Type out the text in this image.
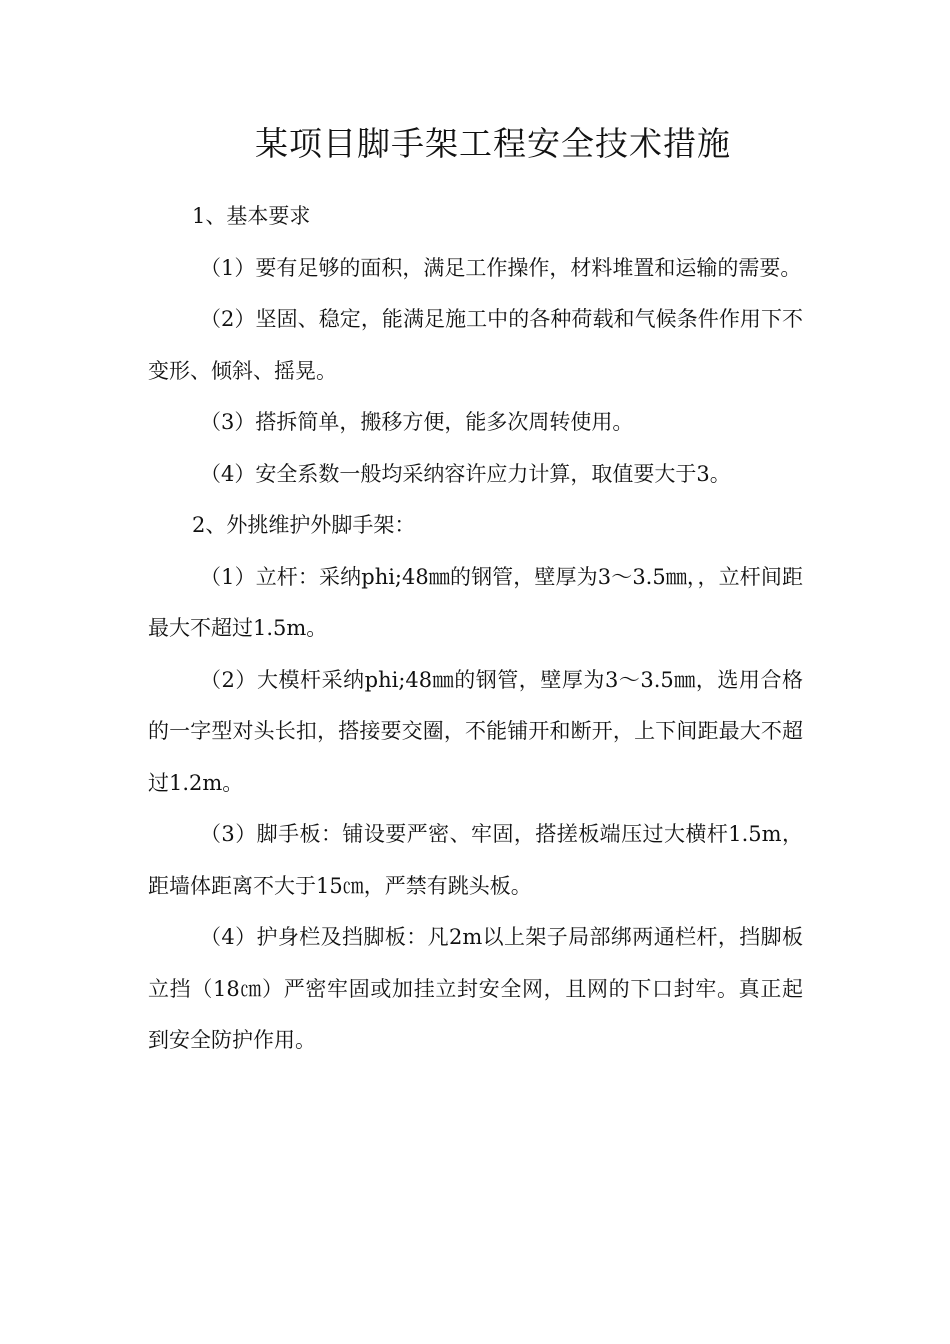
某项目脚手架工程安全技术措施

1、基本要求

（1）要有足够的面积，满足工作操作，材料堆置和运输的需要。

（2）坚固、稳定，能满足施工中的各种荷载和气候条件作用下不变形、倾斜、摇晃。

（3）搭拆简单，搬移方便，能多次周转使用。

（4）安全系数一般均采纳容许应力计算，取值要大于3。

2、外挑维护外脚手架：

（1）立杆：采纳phi;48㎜的钢管，壁厚为3～3.5㎜，，立杆间距最大不超过1.5m。

（2）大模杆采纳phi;48㎜的钢管，壁厚为3～3.5㎜，选用合格的一字型对头长扣，搭接要交圈，不能铺开和断开，上下间距最大不超过1.2m。

（3）脚手板：铺设要严密、牢固，搭搓板端压过大横杆1.5m，距墙体距离不大于15㎝，严禁有跳头板。

（4）护身栏及挡脚板：凡2m以上架子局部绑两通栏杆，挡脚板立挡（18㎝）严密牢固或加挂立封安全网，且网的下口封牢。真正起到安全防护作用。
